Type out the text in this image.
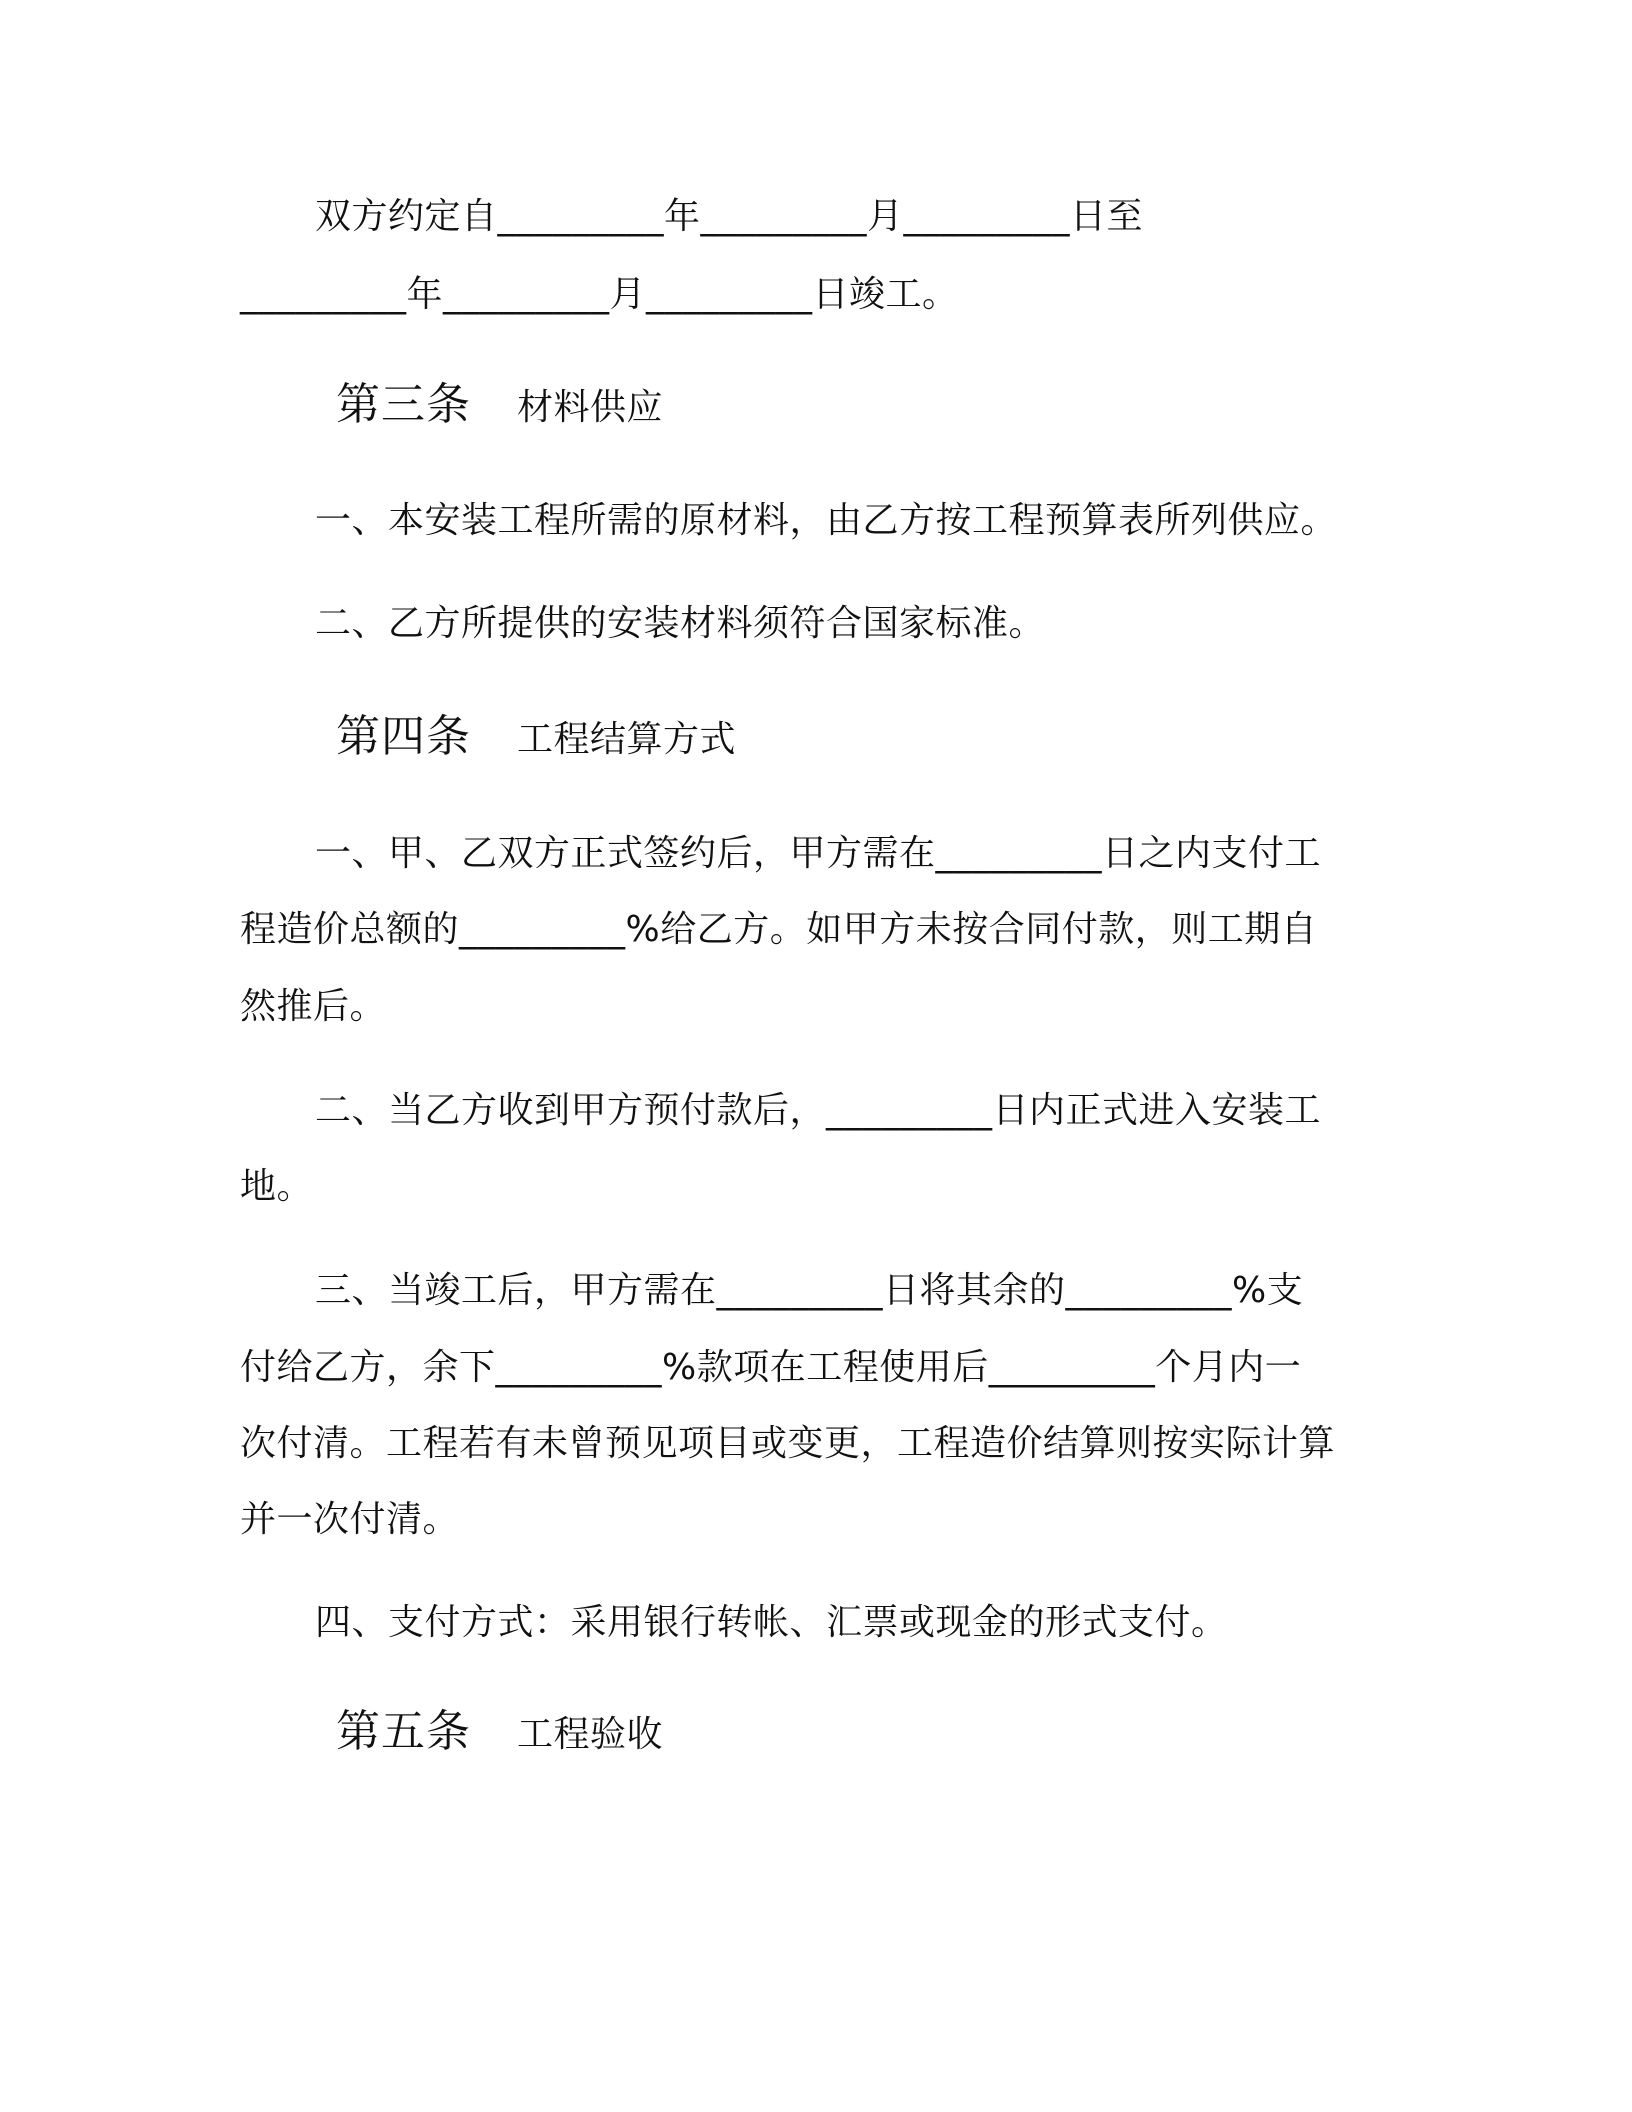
双方约定自_________年_________月_________日至
_________年_________月_________日竣工。
第三条 材料供应
一、本安装工程所需的原材料，由乙方按工程预算表所列供应。
二、乙方所提供的安装材料须符合国家标准。
第四条 工程结算方式
一、甲、乙双方正式签约后，甲方需在_________日之内支付工
程造价总额的_________%给乙方。如甲方未按合同付款，则工期自
然推后。
二、当乙方收到甲方预付款后，_________日内正式进入安装工
地。
三、当竣工后，甲方需在_________日将其余的_________%支
付给乙方，余下_________%款项在工程使用后_________个月内一
次付清。工程若有未曾预见项目或变更，工程造价结算则按实际计算
并一次付清。
四、支付方式：采用银行转帐、汇票或现金的形式支付。
第五条 工程验收
